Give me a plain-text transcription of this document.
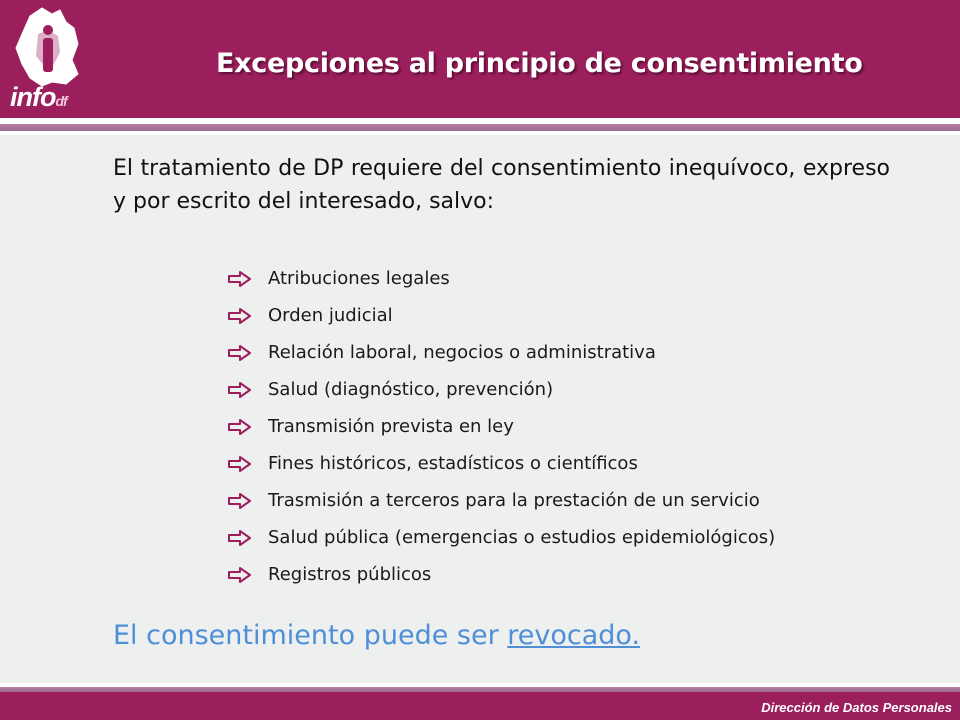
infodf
Excepciones al principio de consentimiento
El tratamiento de DP requiere del consentimiento inequívoco, expreso y por escrito del interesado, salvo:
Atribuciones legales
Orden judicial
Relación laboral, negocios o administrativa
Salud (diagnóstico, prevención)
Transmisión prevista en ley
Fines históricos, estadísticos o científicos
Trasmisión a terceros para la prestación de un servicio
Salud pública (emergencias o estudios epidemiológicos)
Registros públicos
El consentimiento puede ser revocado.
Dirección de Datos Personales
